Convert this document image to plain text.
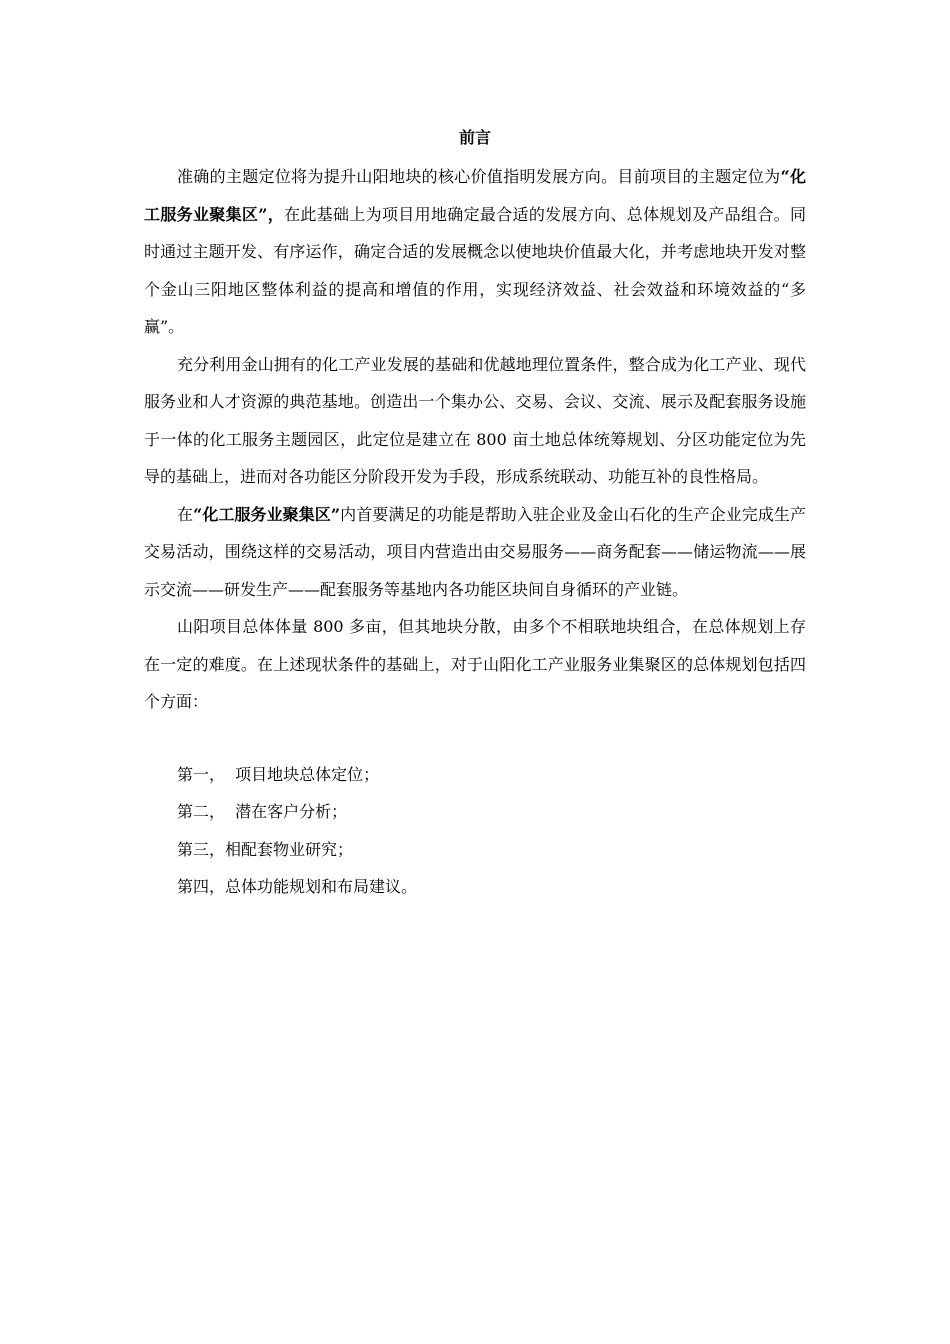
前言

准确的主题定位将为提升山阳地块的核心价值指明发展方向。目前项目的主题定位为“化工服务业聚集区”，在此基础上为项目用地确定最合适的发展方向、总体规划及产品组合。同时通过主题开发、有序运作，确定合适的发展概念以使地块价值最大化，并考虑地块开发对整个金山三阳地区整体利益的提高和增值的作用，实现经济效益、社会效益和环境效益的“多赢”。

充分利用金山拥有的化工产业发展的基础和优越地理位置条件，整合成为化工产业、现代服务业和人才资源的典范基地。创造出一个集办公、交易、会议、交流、展示及配套服务设施于一体的化工服务主题园区，此定位是建立在 800 亩土地总体统筹规划、分区功能定位为先导的基础上，进而对各功能区分阶段开发为手段，形成系统联动、功能互补的良性格局。

在“化工服务业聚集区”内首要满足的功能是帮助入驻企业及金山石化的生产企业完成生产交易活动，围绕这样的交易活动，项目内营造出由交易服务——商务配套——储运物流——展示交流——研发生产——配套服务等基地内各功能区块间自身循环的产业链。

山阳项目总体体量 800 多亩，但其地块分散，由多个不相联地块组合，在总体规划上存在一定的难度。在上述现状条件的基础上，对于山阳化工产业服务业集聚区的总体规划包括四个方面：

第一，  项目地块总体定位；

第二，  潜在客户分析；

第三，相配套物业研究；

第四，总体功能规划和布局建议。
